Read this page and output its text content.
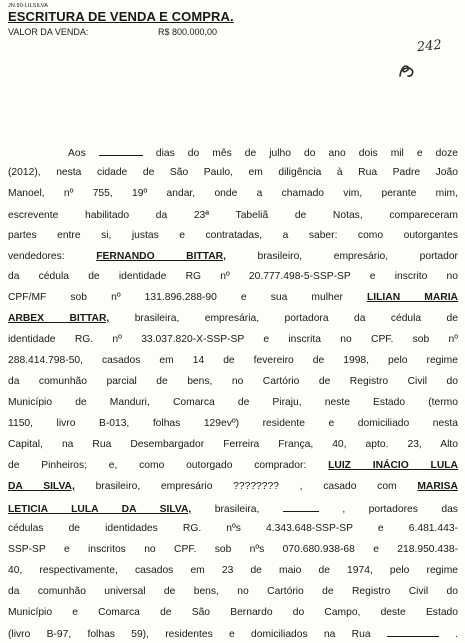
JN.90-LILSILVA
ESCRITURA DE VENDA E COMPRA.
VALOR DA VENDA:	R$ 800.000,00
242
Aos	dias do mês de julho do ano dois mil e doze
(2012), nesta cidade de São Paulo, em diligência à Rua Padre João
Manoel, nº 755, 19º andar, onde a chamado vim, perante mim,
escrevente habilitado da 23ª Tabeliã de Notas, compareceram
partes entre si, justas e contratadas, a saber: como outorgantes
vendedores:	FERNANDO BITTAR,	brasileiro, empresário, portador
da cédula de identidade RG nº 20.777.498-5-SSP-SP e inscrito no
CPF/MF sob nº 131.896.288-90 e sua mulher LILIAN MARIA
ARBEX BITTAR, brasileira, empresária, portadora da cédula de
identidade RG. nº 33.037.820-X-SSP-SP e inscrita no CPF. sob nº
288.414.798-50, casados em 14 de fevereiro de 1998, pelo regime
da comunhão parcial de bens, no Cartório de Registro Civil do
Município de Manduri, Comarca de Piraju, neste Estado (termo
1150, livro B-013, folhas 129evº) residente e domiciliado nesta
Capital, na Rua Desembargador Ferreira França, 40, apto. 23, Alto
de Pinheiros; e, como outorgado comprador: LUIZ INÁCIO LULA
DA SILVA, brasileiro, empresário ???????? , casado com MARISA
LETICIA LULA DA SILVA, brasileira,	, portadores das
cédulas de identidades RG. nºs 4.343.648-SSP-SP e 6.481.443-
SSP-SP e inscritos no CPF. sob nºs 070.680.938-68 e 218.950.438-
40, respectivamente, casados em 23 de maio de 1974, pelo regime
da comunhão universal de bens, no Cartório de Registro Civil do
Município e Comarca de São Bernardo do Campo, deste Estado
(livro B-97, folhas 59), residentes e domiciliados na Rua	.
